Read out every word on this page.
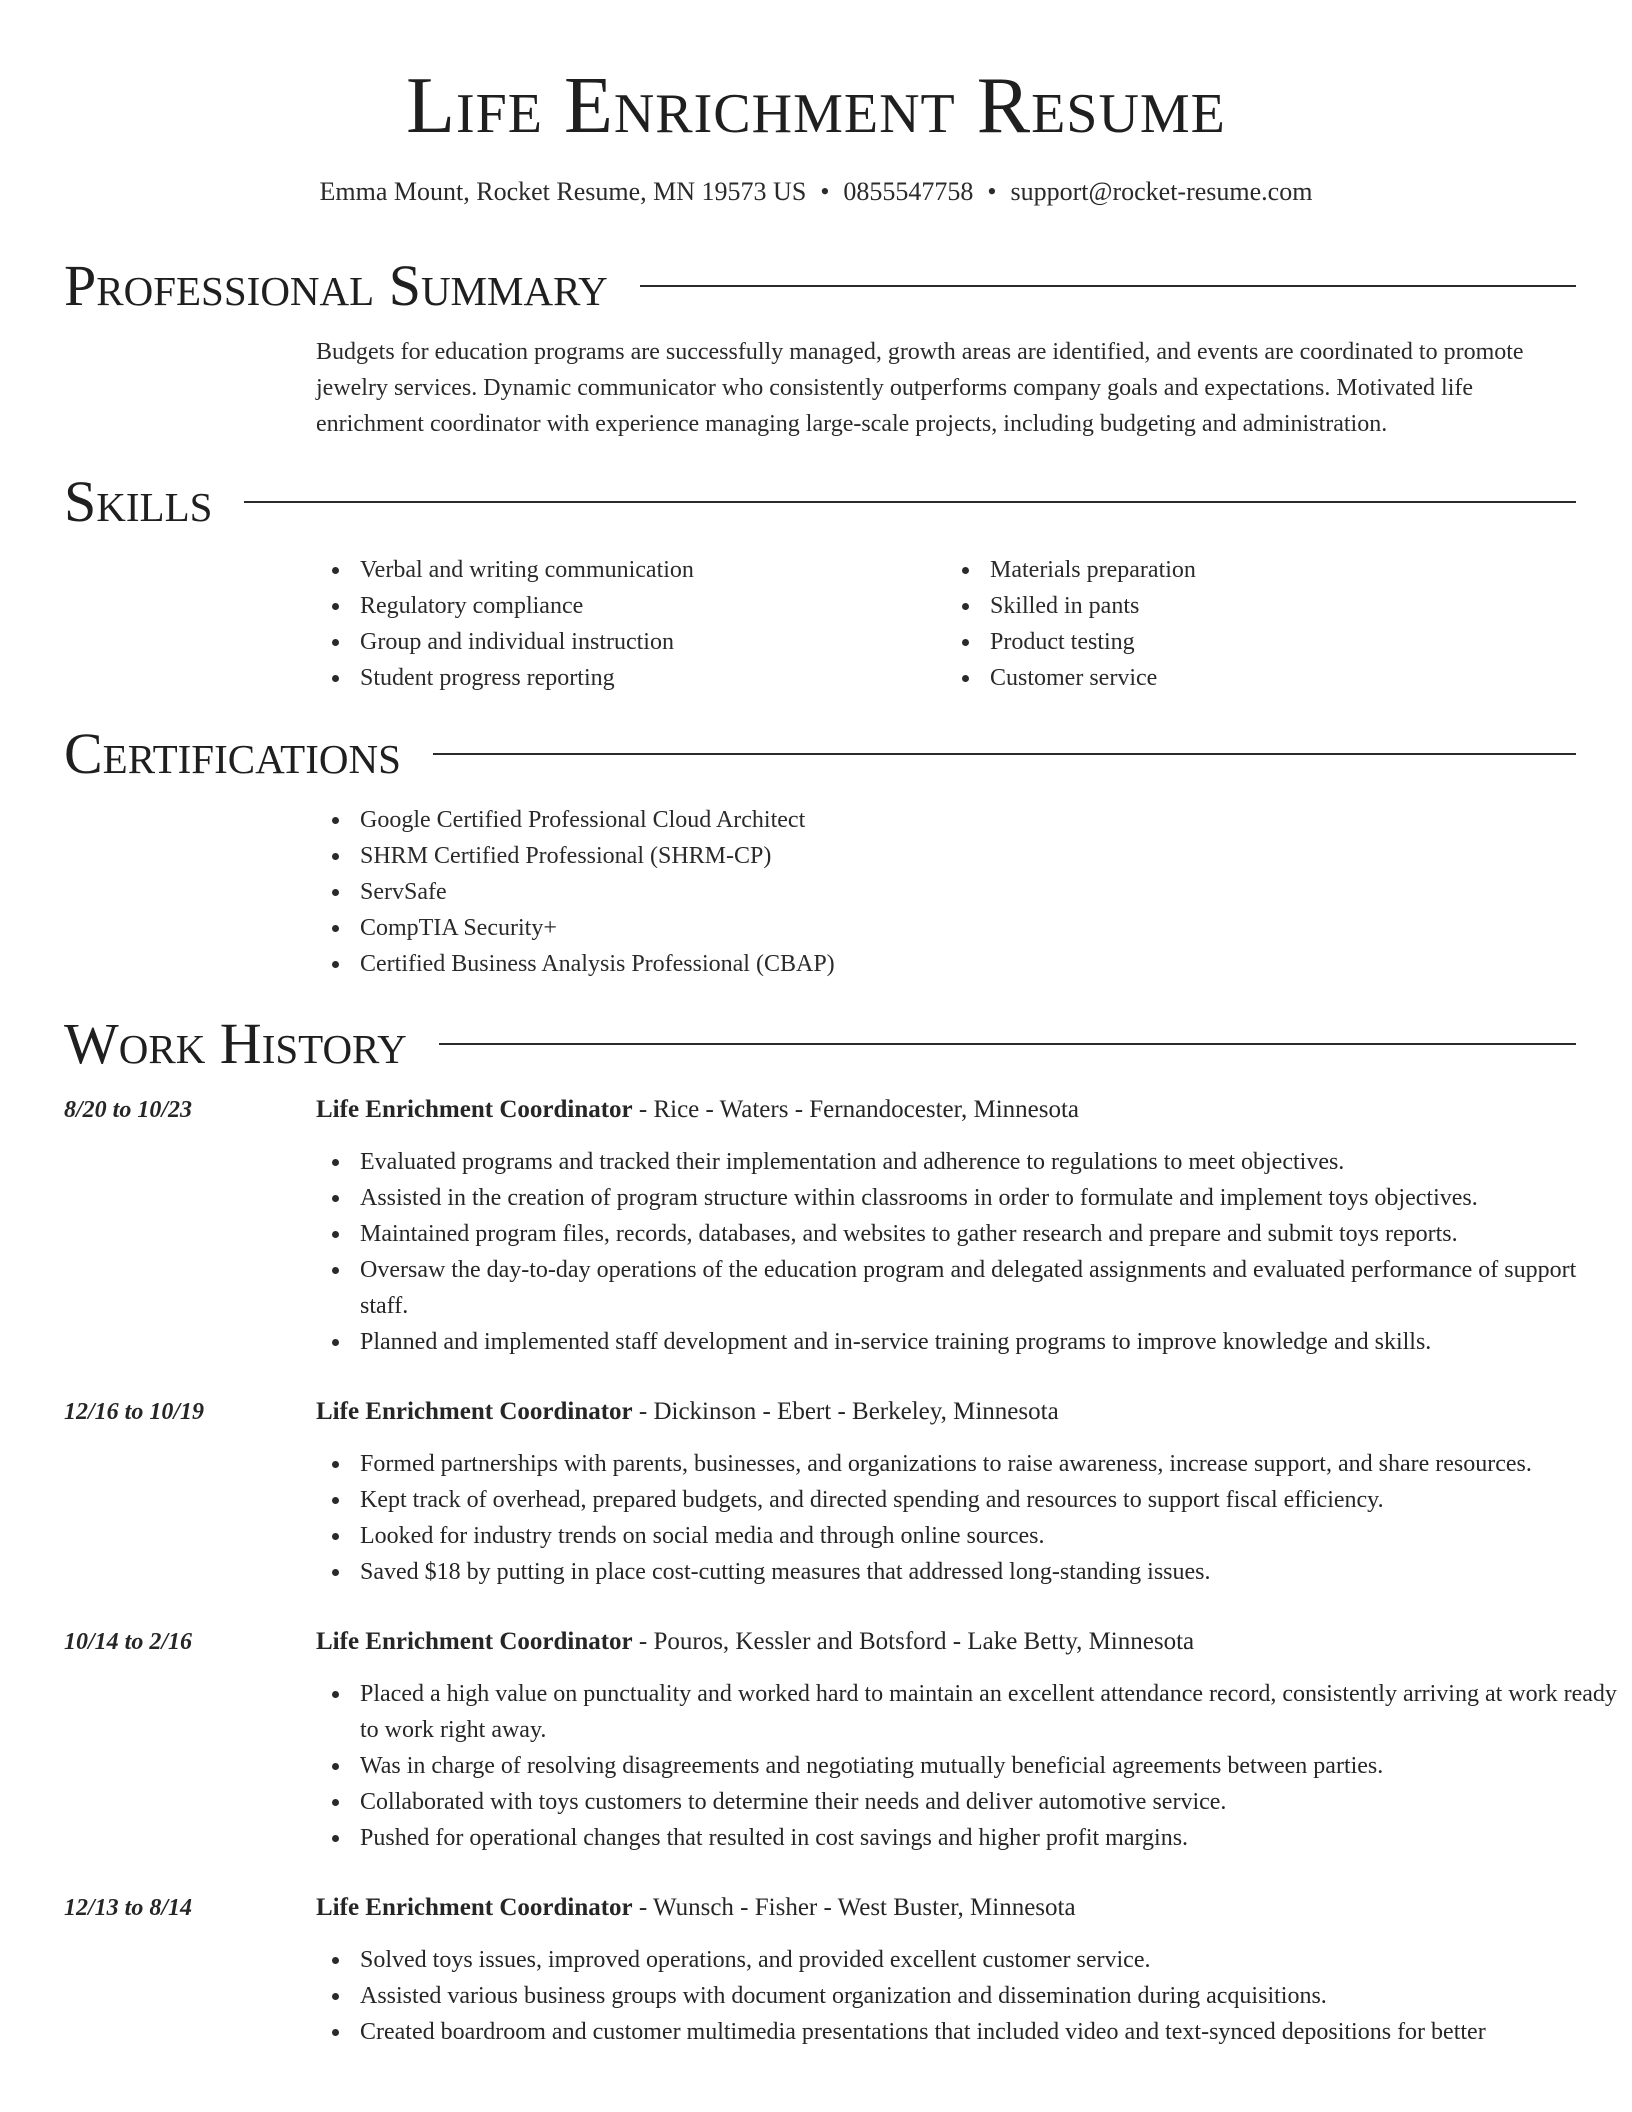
Life Enrichment Resume
Emma Mount, Rocket Resume, MN 19573 US • 0855547758 • support@rocket-resume.com
Professional Summary
Budgets for education programs are successfully managed, growth areas are identified, and events are coordinated to promote jewelry services. Dynamic communicator who consistently outperforms company goals and expectations. Motivated life enrichment coordinator with experience managing large-scale projects, including budgeting and administration.
Skills
Verbal and writing communication
Regulatory compliance
Group and individual instruction
Student progress reporting
Materials preparation
Skilled in pants
Product testing
Customer service
Certifications
Google Certified Professional Cloud Architect
SHRM Certified Professional (SHRM-CP)
ServSafe
CompTIA Security+
Certified Business Analysis Professional (CBAP)
Work History
8/20 to 10/23	Life Enrichment Coordinator - Rice - Waters - Fernandocester, Minnesota
Evaluated programs and tracked their implementation and adherence to regulations to meet objectives.
Assisted in the creation of program structure within classrooms in order to formulate and implement toys objectives.
Maintained program files, records, databases, and websites to gather research and prepare and submit toys reports.
Oversaw the day-to-day operations of the education program and delegated assignments and evaluated performance of support staff.
Planned and implemented staff development and in-service training programs to improve knowledge and skills.
12/16 to 10/19	Life Enrichment Coordinator - Dickinson - Ebert - Berkeley, Minnesota
Formed partnerships with parents, businesses, and organizations to raise awareness, increase support, and share resources.
Kept track of overhead, prepared budgets, and directed spending and resources to support fiscal efficiency.
Looked for industry trends on social media and through online sources.
Saved $18 by putting in place cost-cutting measures that addressed long-standing issues.
10/14 to 2/16	Life Enrichment Coordinator - Pouros, Kessler and Botsford - Lake Betty, Minnesota
Placed a high value on punctuality and worked hard to maintain an excellent attendance record, consistently arriving at work ready to work right away.
Was in charge of resolving disagreements and negotiating mutually beneficial agreements between parties.
Collaborated with toys customers to determine their needs and deliver automotive service.
Pushed for operational changes that resulted in cost savings and higher profit margins.
12/13 to 8/14	Life Enrichment Coordinator - Wunsch - Fisher - West Buster, Minnesota
Solved toys issues, improved operations, and provided excellent customer service.
Assisted various business groups with document organization and dissemination during acquisitions.
Created boardroom and customer multimedia presentations that included video and text-synced depositions for better
